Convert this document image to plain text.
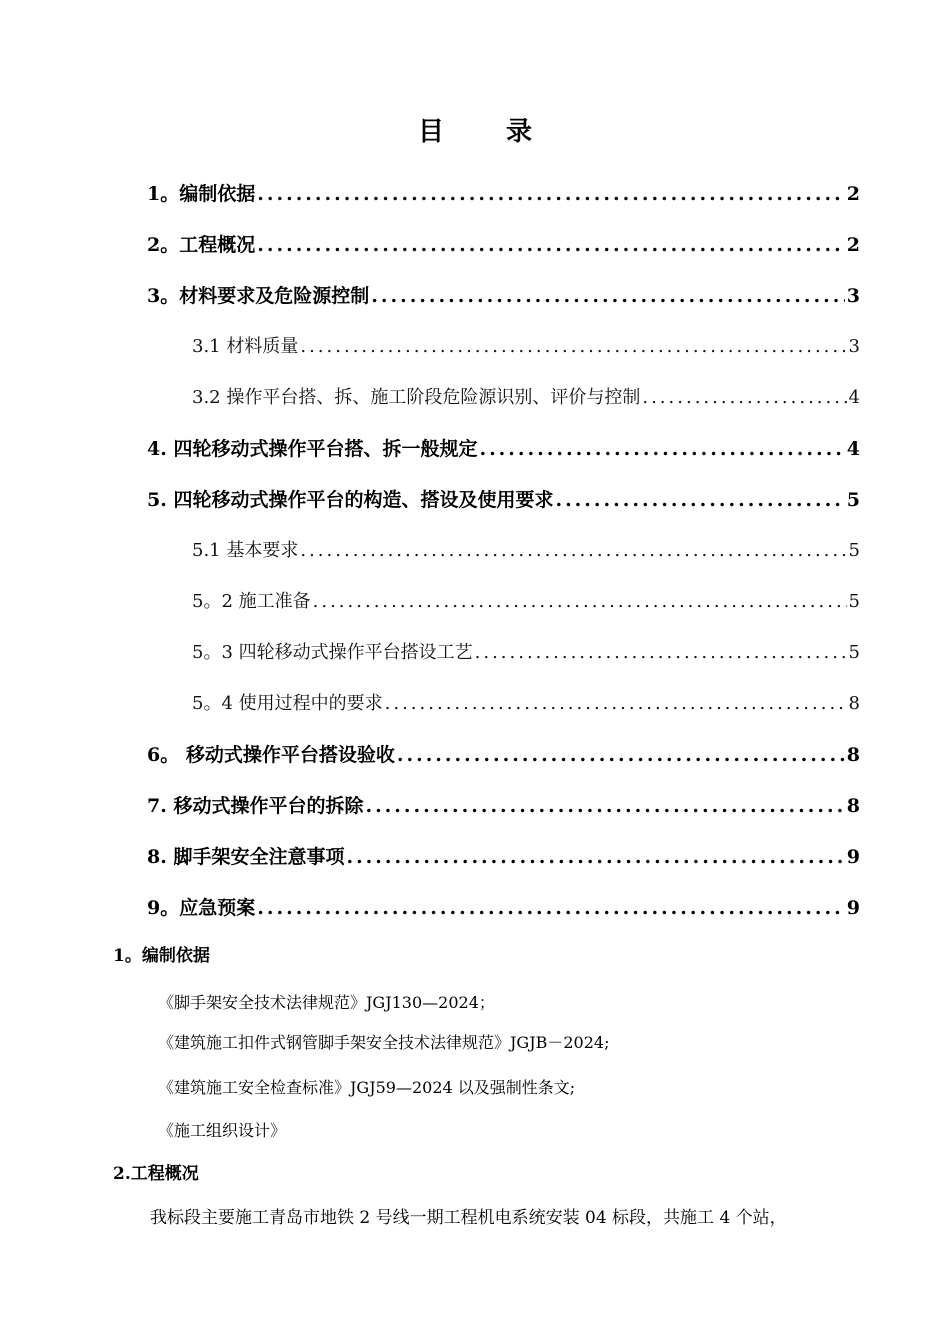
目录
1。编制依据 .....	2
2。工程概况 .....	2
3。材料要求及危险源控制 .....	3
3.1 材料质量 .....	3
3.2 操作平台搭、拆、施工阶段危险源识别、评价与控制 .....	4
4. 四轮移动式操作平台搭、拆一般规定 .....	4
5. 四轮移动式操作平台的构造、搭设及使用要求 .....	5
5.1 基本要求 .....	5
5。2 施工准备 .....	5
5。3 四轮移动式操作平台搭设工艺 .....	5
5。4 使用过程中的要求 .....	8
6。 移动式操作平台搭设验收 .....	8
7. 移动式操作平台的拆除 .....	8
8. 脚手架安全注意事项 .....	9
9。应急预案 .....	9
1。编制依据
《脚手架安全技术法律规范》JGJ130—2024；
《建筑施工扣件式钢管脚手架安全技术法律规范》JGJB－2024;
《建筑施工安全检查标准》JGJ59—2024 以及强制性条文;
《施工组织设计》
2.工程概况
我标段主要施工青岛市地铁 2 号线一期工程机电系统安装 04 标段，共施工 4 个站，
